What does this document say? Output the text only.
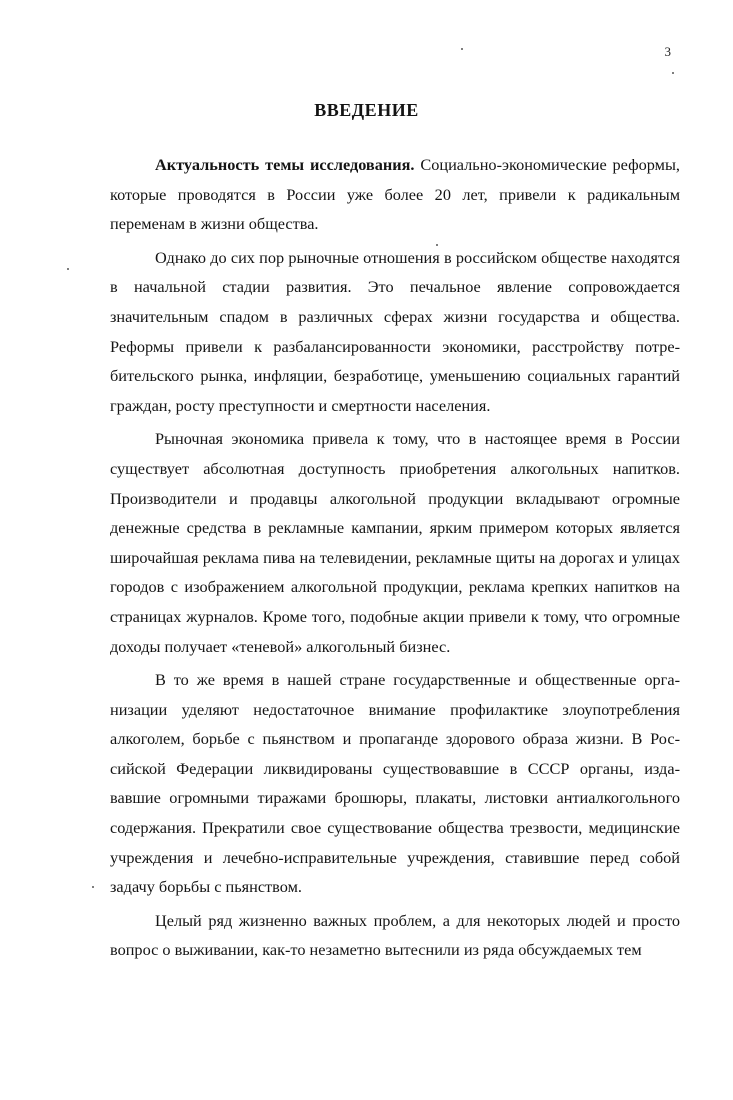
3
ВВЕДЕНИЕ

Актуальность темы исследования. Социально-экономические реформы, которые проводятся в России уже более 20 лет, привели к радикальным переменам в жизни общества.

Однако до сих пор рыночные отношения в российском обществе находятся в начальной стадии развития. Это печальное явление сопровождается значительным спадом в различных сферах жизни государства и общества. Реформы привели к разбалансированности экономики, расстройству потребительского рынка, инфляции, безработице, уменьшению социальных гарантий граждан, росту преступности и смертности населения.

Рыночная экономика привела к тому, что в настоящее время в России существует абсолютная доступность приобретения алкогольных напитков. Производители и продавцы алкогольной продукции вкладывают огромные денежные средства в рекламные кампании, ярким примером которых является широчайшая реклама пива на телевидении, рекламные щиты на дорогах и улицах городов с изображением алкогольной продукции, реклама крепких напитков на страницах журналов. Кроме того, подобные акции привели к тому, что огромные доходы получает «теневой» алкогольный бизнес.

В то же время в нашей стране государственные и общественные организации уделяют недостаточное внимание профилактике злоупотребления алкоголем, борьбе с пьянством и пропаганде здорового образа жизни. В Российской Федерации ликвидированы существовавшие в СССР органы, издававшие огромными тиражами брошюры, плакаты, листовки антиалкогольного содержания. Прекратили свое существование общества трезвости, медицинские учреждения и лечебно-исправительные учреждения, ставившие перед собой задачу борьбы с пьянством.

Целый ряд жизненно важных проблем, а для некоторых людей и просто вопрос о выживании, как-то незаметно вытеснили из ряда обсуждаемых тем
